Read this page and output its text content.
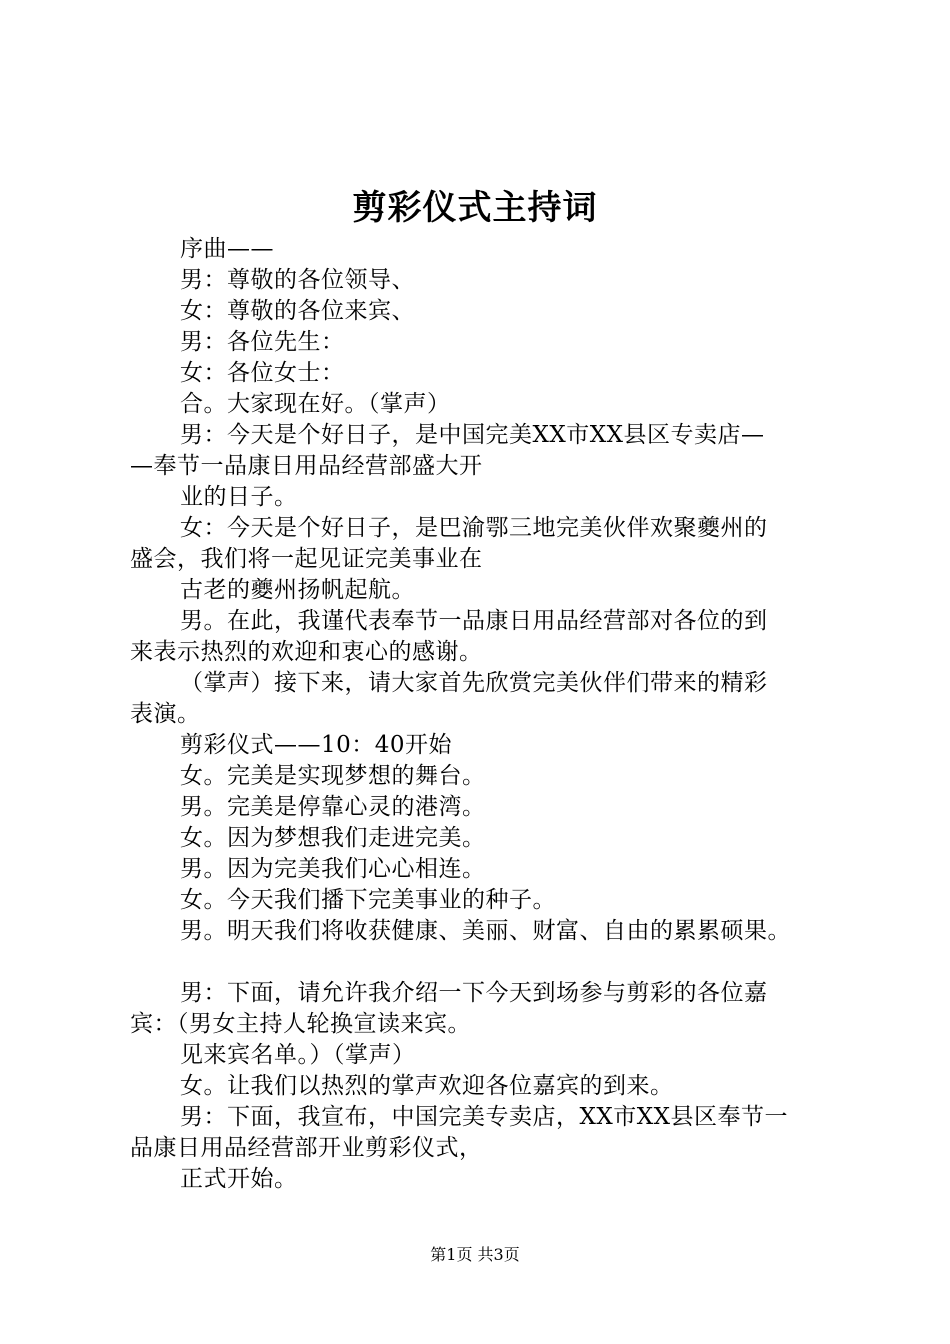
剪彩仪式主持词

序曲——

男：尊敬的各位领导、

女：尊敬的各位来宾、

男：各位先生：

女：各位女士：

合。大家现在好。（掌声）

男：今天是个好日子，是中国完美XX市XX县区专卖店—

—奉节一品康日用品经营部盛大开

业的日子。

女：今天是个好日子，是巴渝鄂三地完美伙伴欢聚夔州的

盛会，我们将一起见证完美事业在

古老的夔州扬帆起航。

男。在此，我谨代表奉节一品康日用品经营部对各位的到

来表示热烈的欢迎和衷心的感谢。

（掌声）接下来，请大家首先欣赏完美伙伴们带来的精彩

表演。

剪彩仪式——10：40开始

女。完美是实现梦想的舞台。

男。完美是停靠心灵的港湾。

女。因为梦想我们走进完美。

男。因为完美我们心心相连。

女。今天我们播下完美事业的种子。

男。明天我们将收获健康、美丽、财富、自由的累累硕果。

男：下面，请允许我介绍一下今天到场参与剪彩的各位嘉

宾：（男女主持人轮换宣读来宾。

见来宾名单。）（掌声）

女。让我们以热烈的掌声欢迎各位嘉宾的到来。

男：下面，我宣布，中国完美专卖店，XX市XX县区奉节一

品康日用品经营部开业剪彩仪式，

正式开始。

第1页 共3页
